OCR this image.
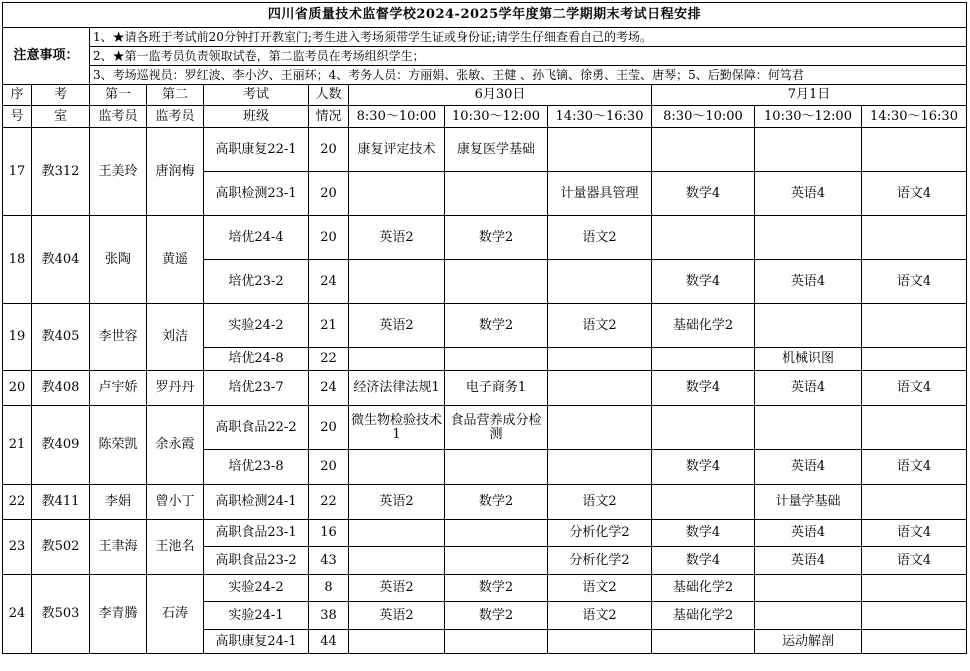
四川省质量技术监督学校2024-2025学年度第二学期期末考试日程安排											
注意事项：		1、★请各班于考试前20分钟打开教室门;考生进入考场须带学生证或身份证;请学生仔细查看自己的考场。									
		2、★第一监考员负责领取试卷，第二监考员在考场组织学生；									
		3、考场巡视员：罗红波、李小汐、王丽环；4、考务人员：方丽娟、张敏、王健 、孙飞镝、徐勇、王莹、唐琴；5、后勤保障：何笃君									
序	考	第一	第二	考试	人数	6月30日			7月1日		
号	室	监考员	监考员	班级	情况	8:30～10:00	10:30～12:00	14:30～16:30	8:30～10:00	10:30～12:00	14:30～16:30
17	教312	王美玲	唐润梅	高职康复22-1	20	康复评定技术	康复医学基础				
				高职检测23-1	20			计量器具管理	数学4	英语4	语文4
18	教404	张陶	黄遥	培优24-4	20	英语2	数学2	语文2			
				培优23-2	24				数学4	英语4	语文4
19	教405	李世容	刘洁	实验24-2	21	英语2	数学2	语文2	基础化学2		
				培优24-8	22					机械识图	
20	教408	卢宇娇	罗丹丹	培优23-7	24	经济法律法规1	电子商务1		数学4	英语4	语文4
21	教409	陈荣凯	余永霞	高职食品22-2	20	微生物检验技术1	食品营养成分检测				
				培优23-8	20				数学4	英语4	语文4
22	教411	李娟	曾小丁	高职检测24-1	22	英语2	数学2	语文2		计量学基础	
23	教502	王聿海	王池名	高职食品23-1	16			分析化学2	数学4	英语4	语文4
				高职食品23-2	43			分析化学2	数学4	英语4	语文4
24	教503	李青腾	石涛	实验24-2	8	英语2	数学2	语文2	基础化学2		
				实验24-1	38	英语2	数学2	语文2	基础化学2		
				高职康复24-1	44					运动解剖	
